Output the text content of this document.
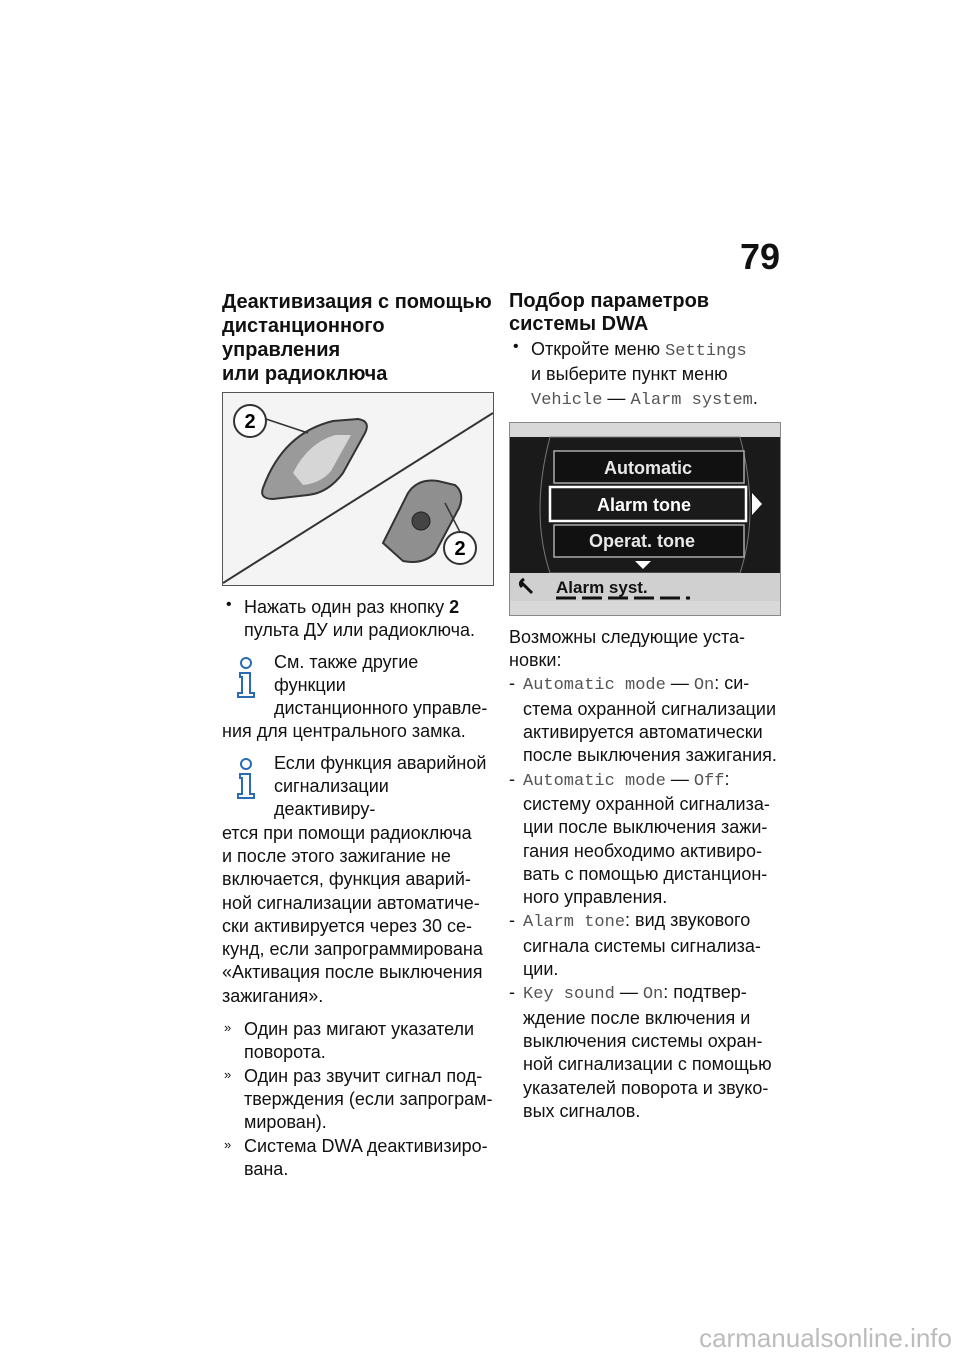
79
Деактивизация с помощью
дистанционного управления
или радиоключа
2
2
• Нажать один раз кнопку 2
пульта ДУ или радиоключа.
См. также другие функции
дистанционного управле-
ния для центрального замка.
Если функция аварийной
сигнализации деактивиру-
ется при помощи радиоключа
и после этого зажигание не
включается, функция аварий-
ной сигнализации автоматиче-
ски активируется через 30 се-
кунд, если запрограммирована
«Активация после выключения
зажигания».
» Один раз мигают указатели
поворота.
» Один раз звучит сигнал под-
тверждения (если запрограм-
мирован).
» Система DWA деактивизиро-
вана.
Подбор параметров
системы DWA
• Откройте меню Settings
и выберите пункт меню
Vehicle — Alarm system.
Automatic
Alarm tone
Operat. tone
Alarm syst.
Возможны следующие уста-
новки:
- Automatic mode — On: си-
стема охранной сигнализации
активируется автоматически
после выключения зажигания.
- Automatic mode — Off:
систему охранной сигнализа-
ции после выключения зажи-
гания необходимо активиро-
вать с помощью дистанцион-
ного управления.
- Alarm tone: вид звукового
сигнала системы сигнализа-
ции.
- Key sound — On: подтвер-
ждение после включения и
выключения системы охран-
ной сигнализации с помощью
указателей поворота и звуко-
вых сигналов.
carmanualsonline.info
